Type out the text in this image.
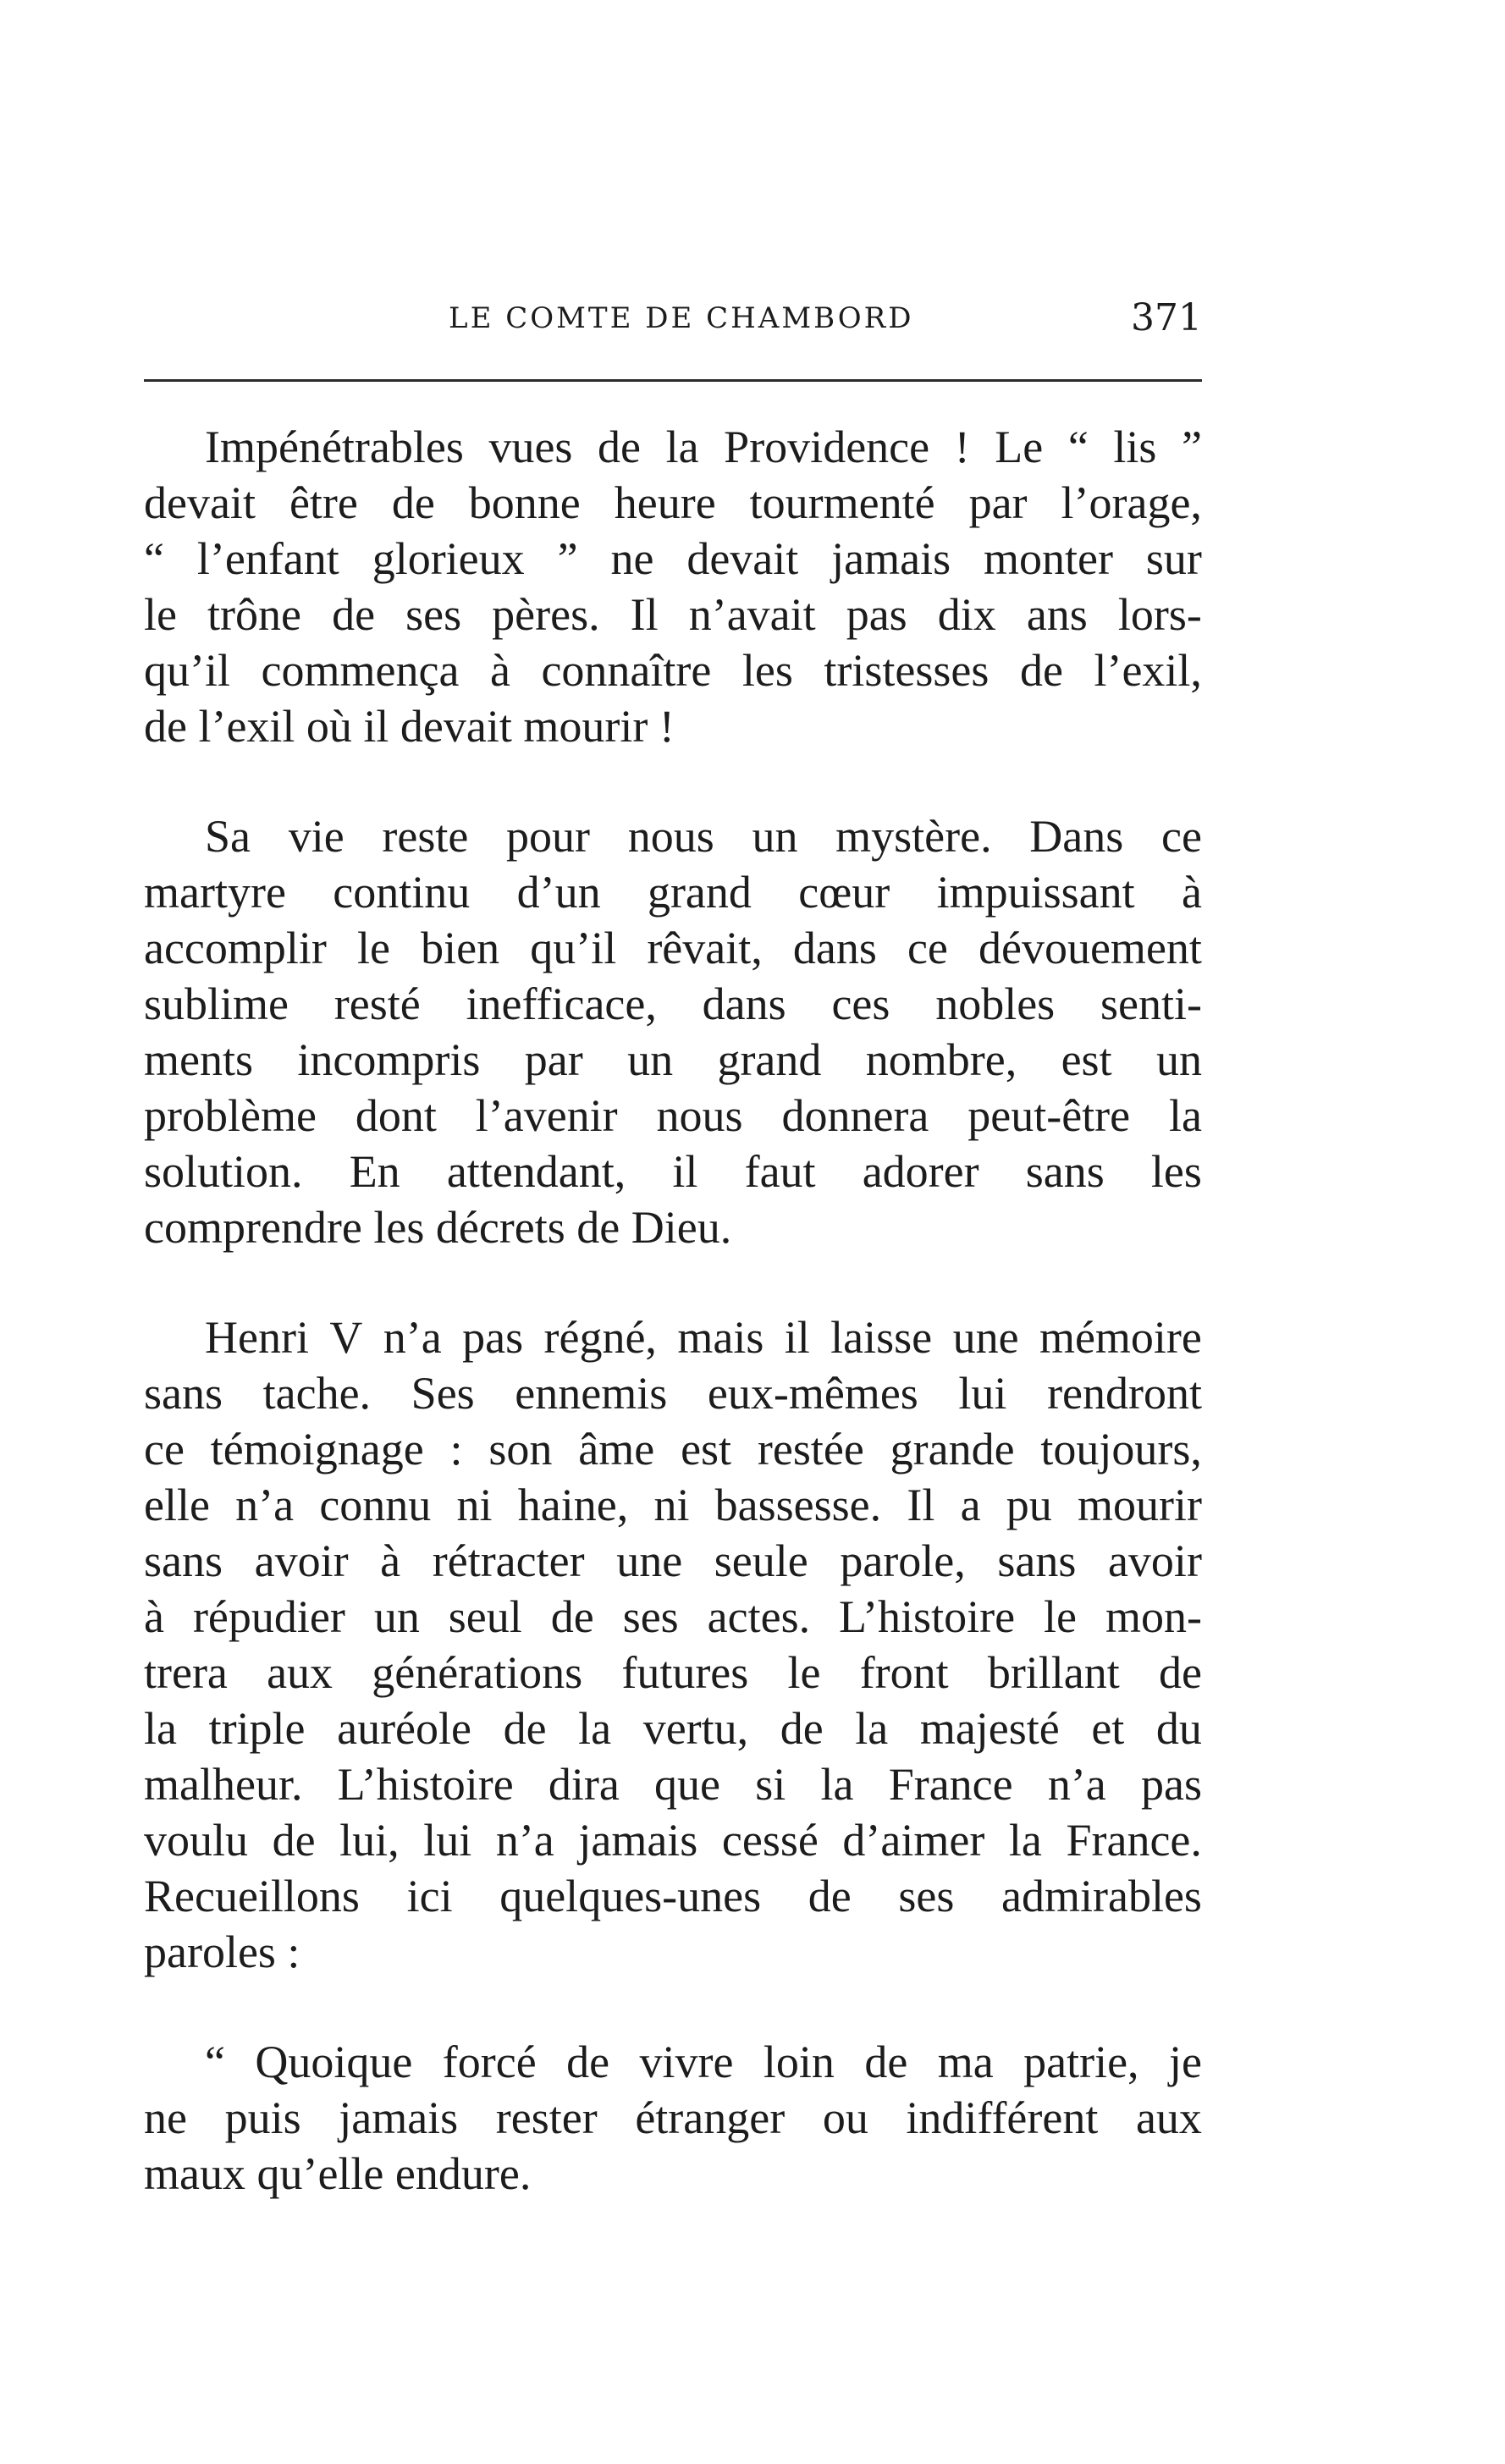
LE COMTE DE CHAMBORD	371
Impénétrables vues de la Providence ! Le “ lis ”
devait être de bonne heure tourmenté par l’orage,
“ l’enfant glorieux ” ne devait jamais monter sur
le trône de ses pères. Il n’avait pas dix ans lors-
qu’il commença à connaître les tristesses de l’exil,
de l’exil où il devait mourir !
Sa vie reste pour nous un mystère. Dans ce
martyre continu d’un grand cœur impuissant à
accomplir le bien qu’il rêvait, dans ce dévouement
sublime resté inefficace, dans ces nobles senti-
ments incompris par un grand nombre, est un
problème dont l’avenir nous donnera peut-être la
solution. En attendant, il faut adorer sans les
comprendre les décrets de Dieu.
Henri V n’a pas régné, mais il laisse une mémoire
sans tache. Ses ennemis eux-mêmes lui rendront
ce témoignage : son âme est restée grande toujours,
elle n’a connu ni haine, ni bassesse. Il a pu mourir
sans avoir à rétracter une seule parole, sans avoir
à répudier un seul de ses actes. L’histoire le mon-
trera aux générations futures le front brillant de
la triple auréole de la vertu, de la majesté et du
malheur. L’histoire dira que si la France n’a pas
voulu de lui, lui n’a jamais cessé d’aimer la France.
Recueillons ici quelques-unes de ses admirables
paroles :
“ Quoique forcé de vivre loin de ma patrie, je
ne puis jamais rester étranger ou indifférent aux
maux qu’elle endure.
